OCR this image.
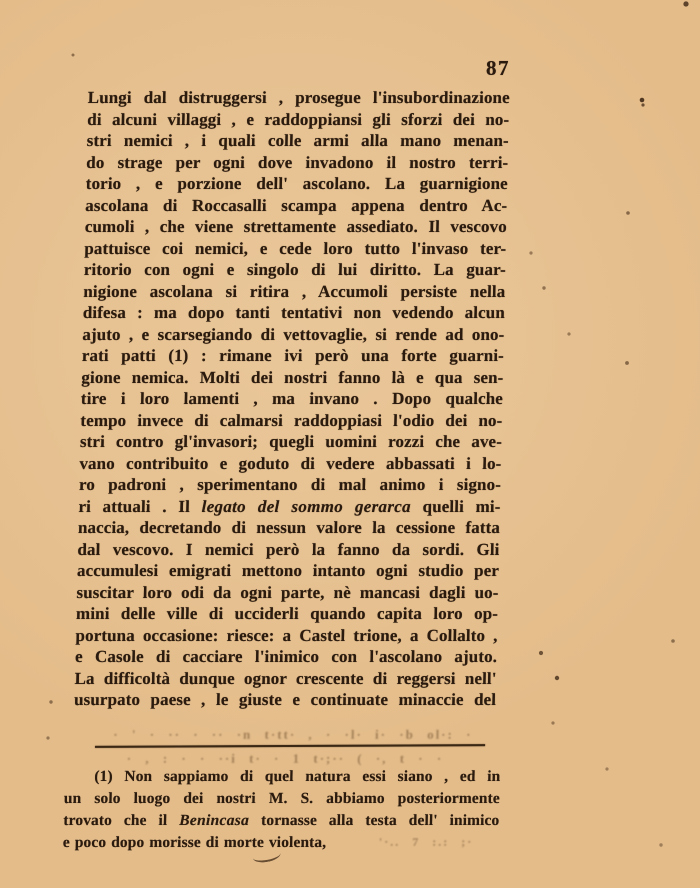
87
Lungi dal distruggersi , prosegue l'insubordinazione
di alcuni villaggi , e raddoppiansi gli sforzi dei no-
stri nemici , i quali colle armi alla mano menan-
do strage per ogni dove invadono il nostro terri-
torio , e porzione dell' ascolano. La guarnigione
ascolana di Roccasalli scampa appena dentro Ac-
cumoli , che viene strettamente assediato. Il vescovo
pattuisce coi nemici, e cede loro tutto l'invaso ter-
ritorio con ogni e singolo di lui diritto. La guar-
nigione ascolana si ritira , Accumoli persiste nella
difesa : ma dopo tanti tentativi non vedendo alcun
ajuto , e scarsegiando di vettovaglie, si rende ad ono-
rati patti (1) : rimane ivi però una forte guarni-
gione nemica. Molti dei nostri fanno là e qua sen-
tire i loro lamenti , ma invano . Dopo qualche
tempo invece di calmarsi raddoppiasi l'odio dei no-
stri contro gl'invasori; quegli uomini rozzi che ave-
vano contribuito e goduto di vedere abbassati i lo-
ro padroni , sperimentano di mal animo i signo-
ri attuali . Il legato del sommo gerarca quelli mi-
naccia, decretando di nessun valore la cessione fatta
dal vescovo. I nemici però la fanno da sordi. Gli
accumulesi emigrati mettono intanto ogni studio per
suscitar loro odi da ogni parte, nè mancasi dagli uo-
mini delle ville di ucciderli quando capita loro op-
portuna occasione: riesce: a Castel trione, a Collalto ,
e Casole di cacciare l'inimico con l'ascolano ajuto.
La difficoltà dunque ognor crescente di reggersi nell'
usurpato paese , le giuste e continuate minaccie del
· ' · ·· · ·· ·n t·tt· , · ·l· i· ·b ol·: ·
· , : · · ··i t· · 1 t·;·· ( ·, t · ·
(1) Non sappiamo di quel natura essi siano , ed in
un solo luogo dei nostri M. S. abbiamo posteriormente
trovato che il Benincasa tornasse alla testa dell' inimico
e poco dopo morisse di morte violenta,	'·.. 7 :.: ;·
